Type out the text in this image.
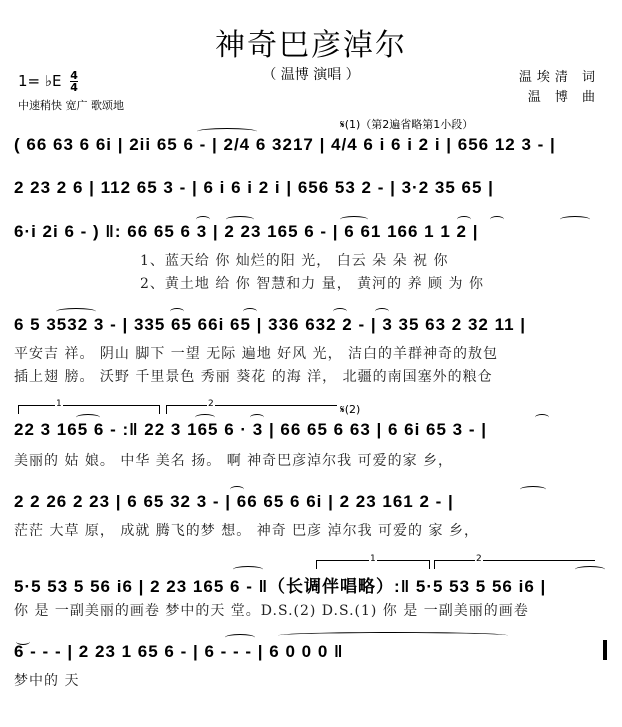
神奇巴彦淖尔
（ 温博 演唱 ）
1= ♭E $\frac{4}{4}$
中速稍快 宽广 歌颂地
温埃清 词
温 博 曲
𝄋(1)（第2遍省略第1小段）
( 66 63 6 6i | 2ii 65 6 - | 2/4 6 3217 | 4/4 6 i 6 i 2 i | 656 12 3 - |
2 23 2 6 | 112 65 3 - | 6 i 6 i 2 i | 656 53 2 - | 3·2 35 65 |
6·i 2i 6 - ) ‖: 66 65 6 3 | 2 23 165 6 - | 6 61 166 1 1 2 |
1、蓝天给 你 灿烂的阳 光， 白云 朵 朵 祝 你
2、黄土地 给 你 智慧和力 量， 黄河的 养 顾 为 你
6 5 3532 3 - | 335 65 66i 65 | 336 632 2 - | 3 35 63 2 32 11 |
平安吉 祥。 阴山 脚下 一望 无际 遍地 好风 光， 洁白的羊群神奇的敖包
插上翅 膀。 沃野 千里景色 秀丽 葵花 的海 洋， 北疆的南国塞外的粮仓
1	2	𝄋(2)
22 3 165 6 - :‖ 22 3 165 6 · 3 | 66 65 6 63 | 6 6i 65 3 - |
美丽的 姑 娘。 中华 美名 扬。 啊 神奇巴彦淖尔我 可爱的家 乡，
2 2 26 2 23 | 6 65 32 3 - | 66 65 6 6i | 2 23 161 2 - |
茫茫 大草 原， 成就 腾飞的梦 想。 神奇 巴彦 淖尔我 可爱的 家 乡，
1	2
5·5 53 5 56 i6 | 2 23 165 6 - ‖（长调伴唱略）:‖ 5·5 53 5 56 i6 |
你 是 一副美丽的画卷 梦中的天 堂。D.S.(2) D.S.(1) 你 是 一副美丽的画卷
6 - - - | 2 23 1 65 6 - | 6 - - - | 6 0 0 0 ‖
梦中的 天
